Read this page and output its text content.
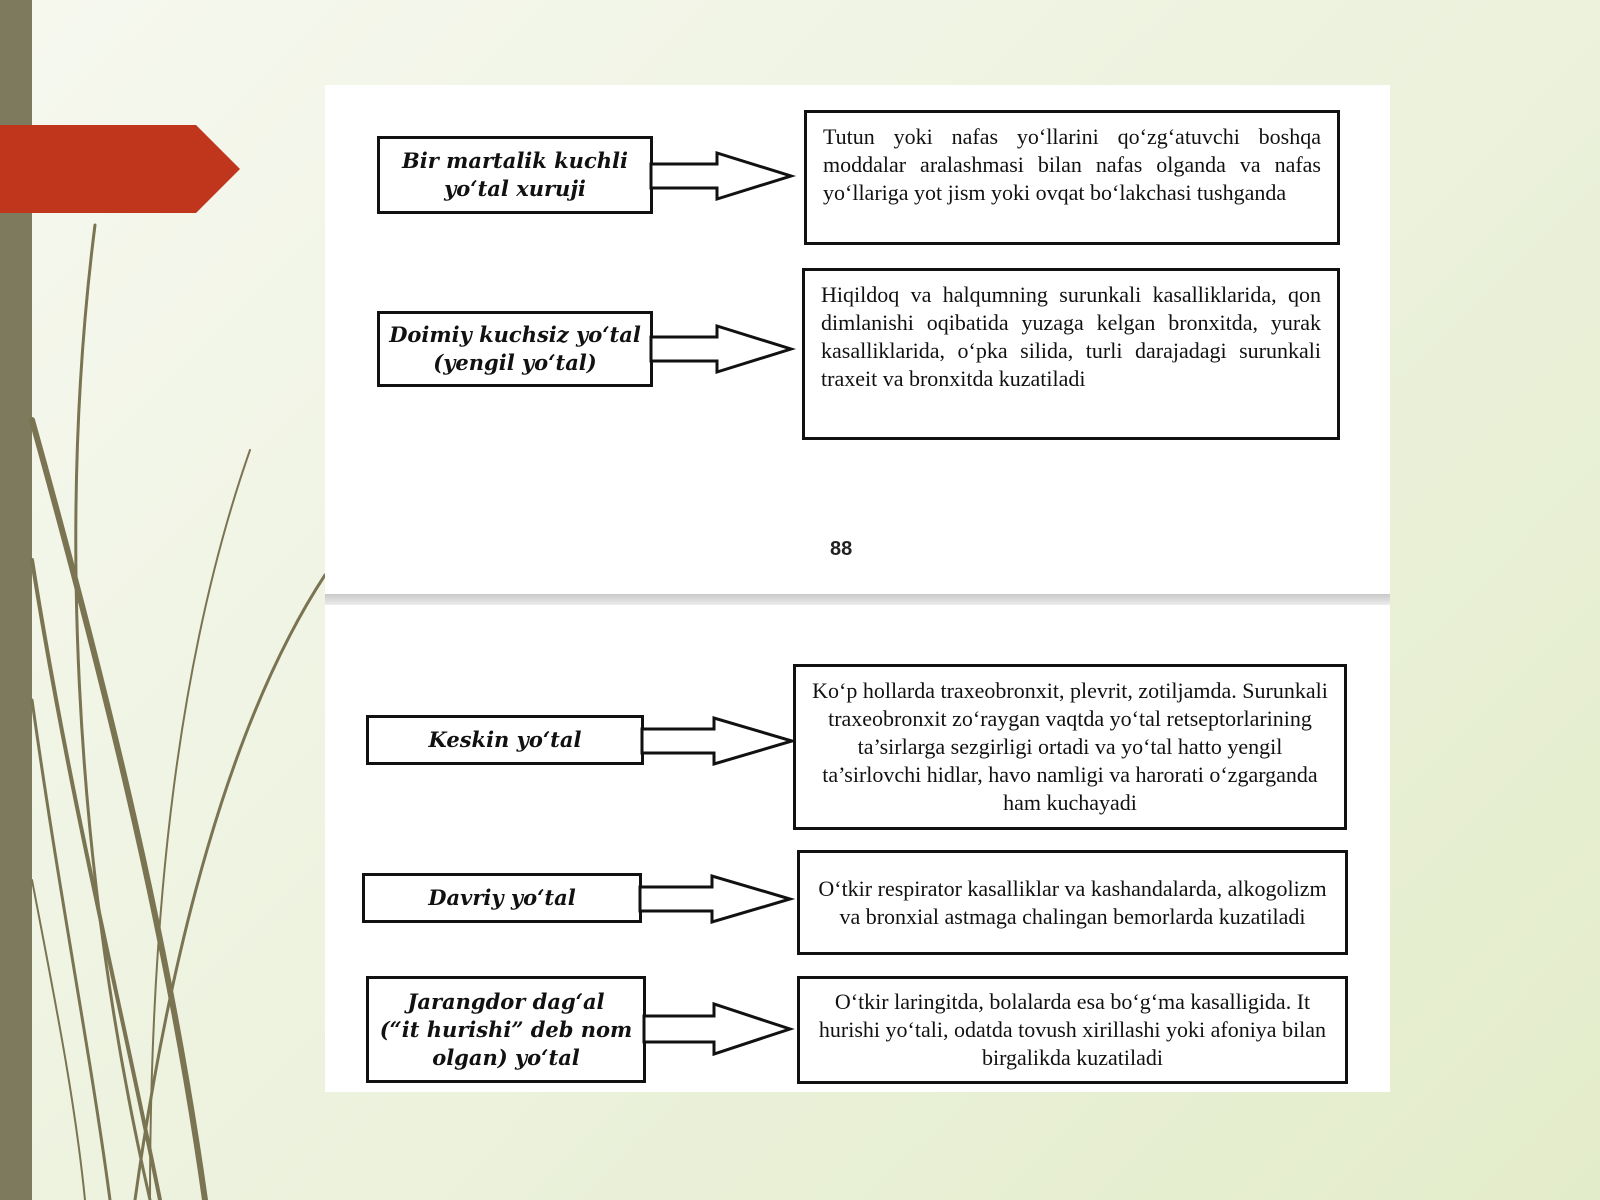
Bir martalik kuchli
yo‘tal xuruji
Tutun yoki nafas yo‘llarini qo‘zg‘atuvchi boshqa moddalar aralashmasi bilan nafas olganda va nafas yo‘llariga yot jism yoki ovqat bo‘lakchasi tushganda
Doimiy kuchsiz yo‘tal
(yengil yo‘tal)
Hiqildoq va halqumning surunkali kasalliklarida, qon dimlanishi oqibatida yuzaga kelgan bronxitda, yurak kasalliklarida, o‘pka silida, turli darajadagi surunkali traxeit va bronxitda kuzatiladi
88
Keskin yo‘tal
Ko‘p hollarda traxeobronxit, plevrit, zotiljamda. Surunkali traxeobronxit zo‘raygan vaqtda yo‘tal retseptorlarining ta’sirlarga sezgirligi ortadi va yo‘tal hatto yengil ta’sirlovchi hidlar, havo namligi va harorati o‘zgarganda ham kuchayadi
Davriy yo‘tal	O‘tkir respirator kasalliklar va kashandalarda, alkogolizm va bronxial astmaga chalingan bemorlarda kuzatiladi
Jarangdor dag‘al
(“it hurishi” deb nom
olgan) yo‘tal
O‘tkir laringitda, bolalarda esa bo‘g‘ma kasalligida. It hurishi yo‘tali, odatda tovush xirillashi yoki afoniya bilan birgalikda kuzatiladi
